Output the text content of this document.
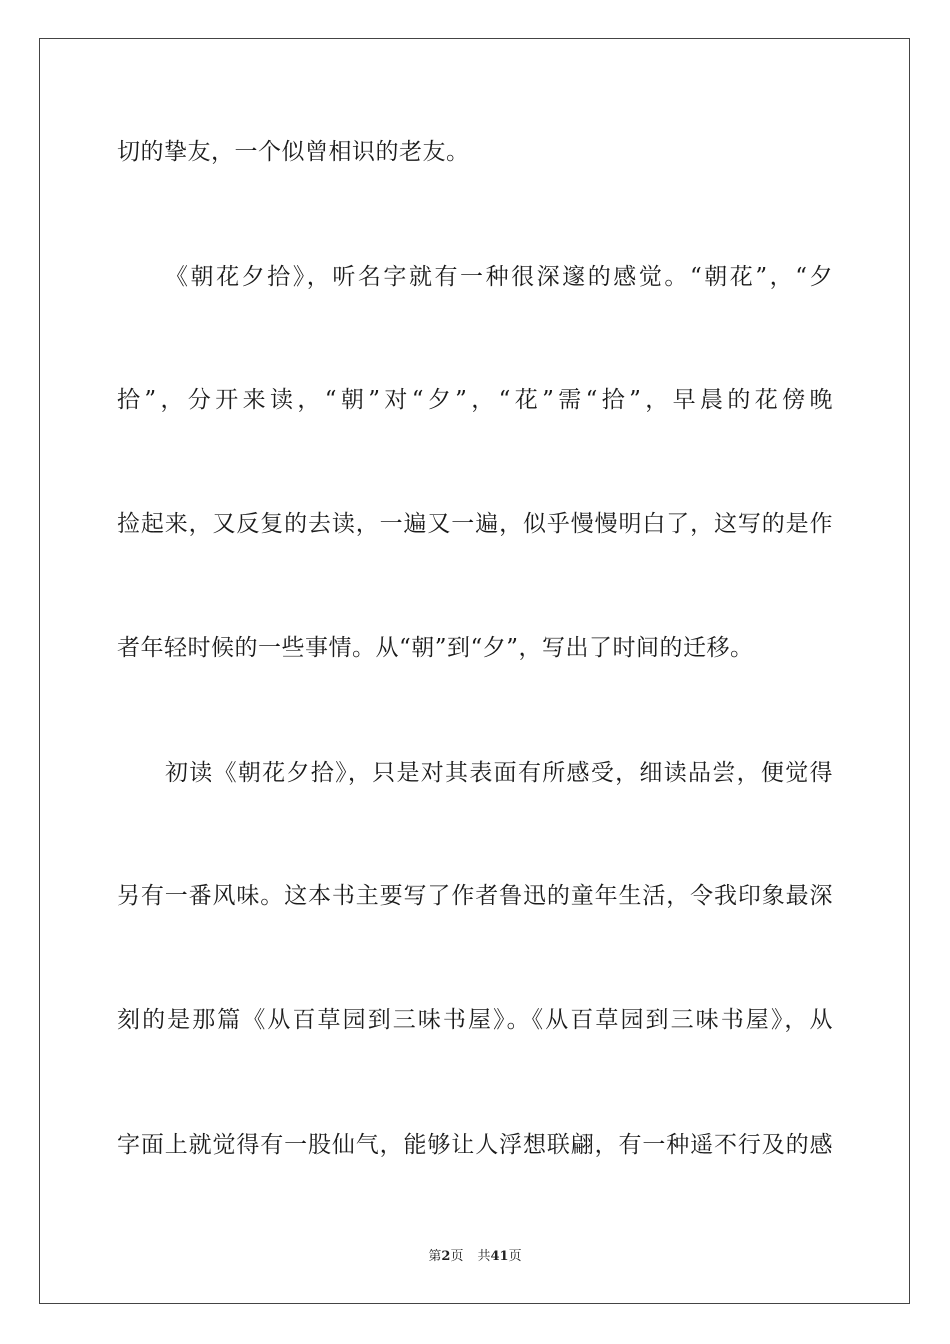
切的挚友，一个似曾相识的老友。
《朝花夕拾》，听名字就有一种很深邃的感觉。“朝花”，“夕
拾”，分开来读，“朝”对“夕”，“花”需“拾”，早晨的花傍晚
捡起来，又反复的去读，一遍又一遍，似乎慢慢明白了，这写的是作
者年轻时候的一些事情。从“朝”到“夕”，写出了时间的迁移。
初读《朝花夕拾》，只是对其表面有所感受，细读品尝，便觉得
另有一番风味。这本书主要写了作者鲁迅的童年生活，令我印象最深
刻的是那篇《从百草园到三味书屋》。《从百草园到三味书屋》，从
字面上就觉得有一股仙气，能够让人浮想联翩，有一种遥不行及的感
第2页 共41页
